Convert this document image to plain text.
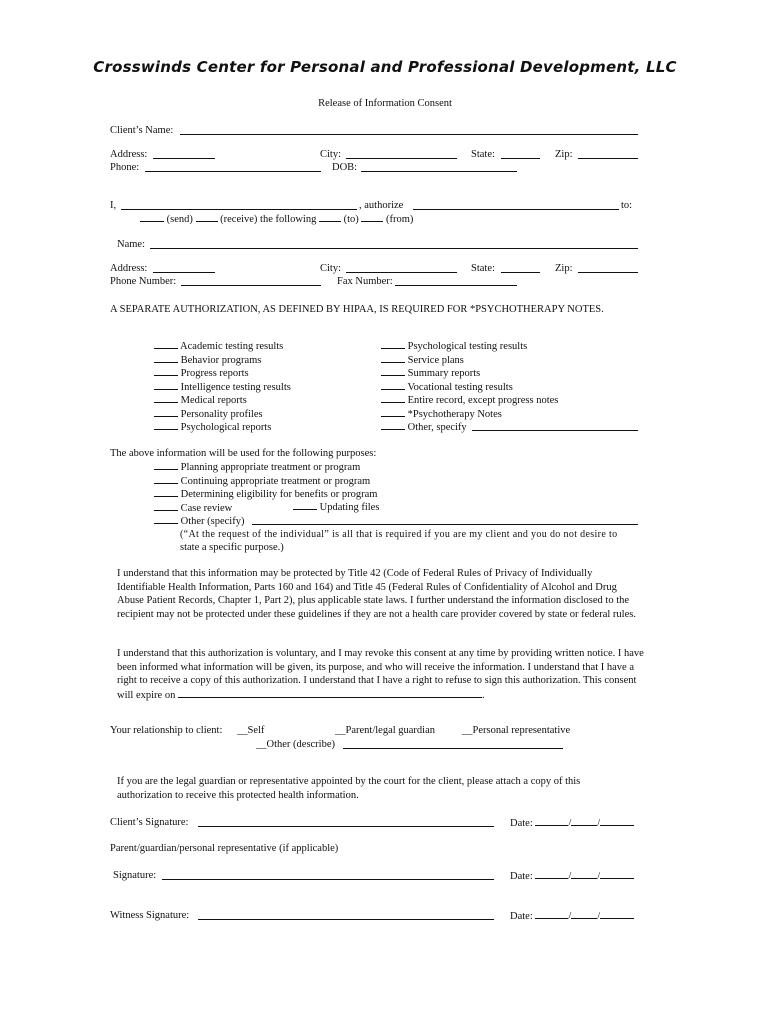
Crosswinds Center for Personal and Professional Development, LLC
Release of Information Consent
Client’s Name:
Address:	City:	State:	Zip:
Phone:	DOB:
I,	, authorize	to:
(send)	(receive) the following	(to)	(from)
Name:
Address:	City:	State:	Zip:
Phone Number:	Fax Number:
A SEPARATE AUTHORIZATION, AS DEFINED BY HIPAA, IS REQUIRED FOR *PSYCHOTHERAPY NOTES.
Academic testing results
Behavior programs
Progress reports
Intelligence testing results
Medical reports
Personality profiles
Psychological reports
Psychological testing results
Service plans
Summary reports
Vocational testing results
Entire record, except progress notes
*Psychotherapy Notes
Other, specify
The above information will be used for the following purposes:
Planning appropriate treatment or program
Continuing appropriate treatment or program
Determining eligibility for benefits or program
Case review	Updating files
Other (specify)
(“At the request of the individual” is all that is required if you are my client and you do not desire to
state a specific purpose.)
I understand that this information may be protected by Title 42 (Code of Federal Rules of Privacy of Individually Identifiable Health Information, Parts 160 and 164) and Title 45 (Federal Rules of Confidentiality of Alcohol and Drug Abuse Patient Records, Chapter 1, Part 2), plus applicable state laws. I further understand the information disclosed to the recipient may not be protected under these guidelines if they are not a health care provider covered by state or federal rules.
I understand that this authorization is voluntary, and I may revoke this consent at any time by providing written notice. I have been informed what information will be given, its purpose, and who will receive the information. I understand that I have a right to receive a copy of this authorization. I understand that I have a right to refuse to sign this authorization. This consent will expire on	.
Your relationship to client: __Self	__Parent/legal guardian	__Personal representative
__Other (describe)
If you are the legal guardian or representative appointed by the court for the client, please attach a copy of this authorization to receive this protected health information.
Client’s Signature:	Date:	/ /
Parent/guardian/personal representative (if applicable)
Signature:	Date:	/ /
Witness Signature:	Date:	/ /
